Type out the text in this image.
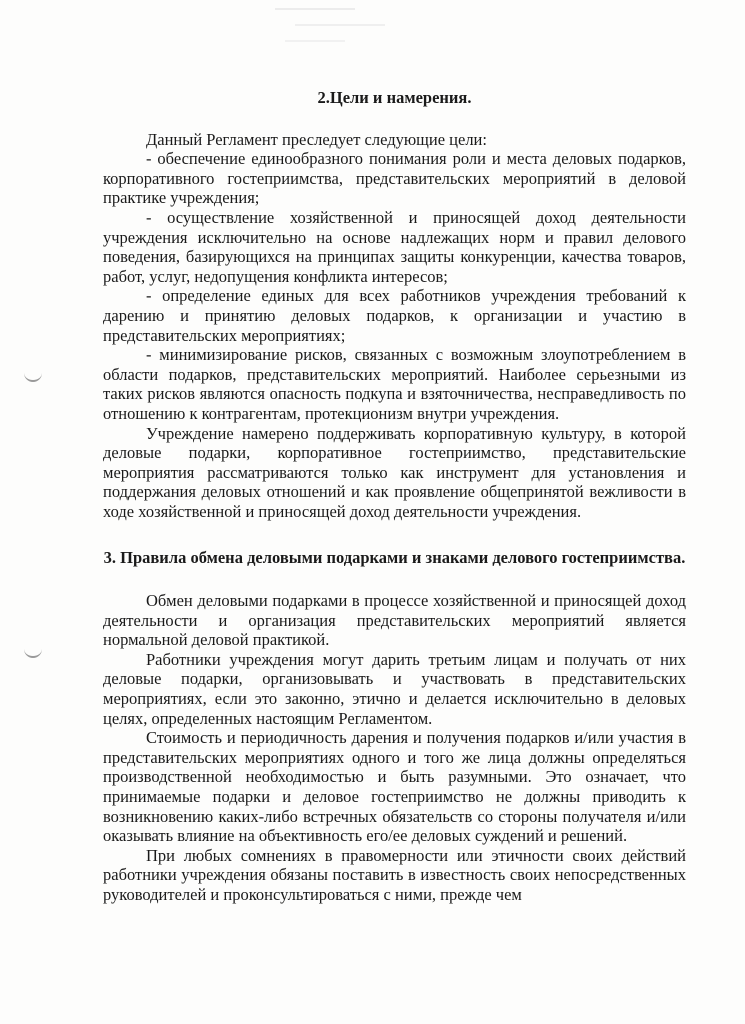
2.Цели и намерения.

Данный Регламент преследует следующие цели:

- обеспечение единообразного понимания роли и места деловых подарков, корпоративного гостеприимства, представительских мероприятий в деловой практике учреждения;

- осуществление хозяйственной и приносящей доход деятельности учреждения исключительно на основе надлежащих норм и правил делового поведения, базирующихся на принципах защиты конкуренции, качества товаров, работ, услуг, недопущения конфликта интересов;

- определение единых для всех работников учреждения требований к дарению и принятию деловых подарков, к организации и участию в представительских мероприятиях;

- минимизирование рисков, связанных с возможным злоупотреблением в области подарков, представительских мероприятий. Наиболее серьезными из таких рисков являются опасность подкупа и взяточничества, несправедливость по отношению к контрагентам, протекционизм внутри учреждения.

Учреждение намерено поддерживать корпоративную культуру, в которой деловые подарки, корпоративное гостеприимство, представительские мероприятия рассматриваются только как инструмент для установления и поддержания деловых отношений и как проявление общепринятой вежливости в ходе хозяйственной и приносящей доход деятельности учреждения.

3. Правила обмена деловыми подарками и знаками делового гостеприимства.

Обмен деловыми подарками в процессе хозяйственной и приносящей доход деятельности и организация представительских мероприятий является нормальной деловой практикой.

Работники учреждения могут дарить третьим лицам и получать от них деловые подарки, организовывать и участвовать в представительских мероприятиях, если это законно, этично и делается исключительно в деловых целях, определенных настоящим Регламентом.

Стоимость и периодичность дарения и получения подарков и/или участия в представительских мероприятиях одного и того же лица должны определяться производственной необходимостью и быть разумными. Это означает, что принимаемые подарки и деловое гостеприимство не должны приводить к возникновению каких-либо встречных обязательств со стороны получателя и/или оказывать влияние на объективность его/ее деловых суждений и решений.

При любых сомнениях в правомерности или этичности своих действий работники учреждения обязаны поставить в известность своих непосредственных руководителей и проконсультироваться с ними, прежде чем
